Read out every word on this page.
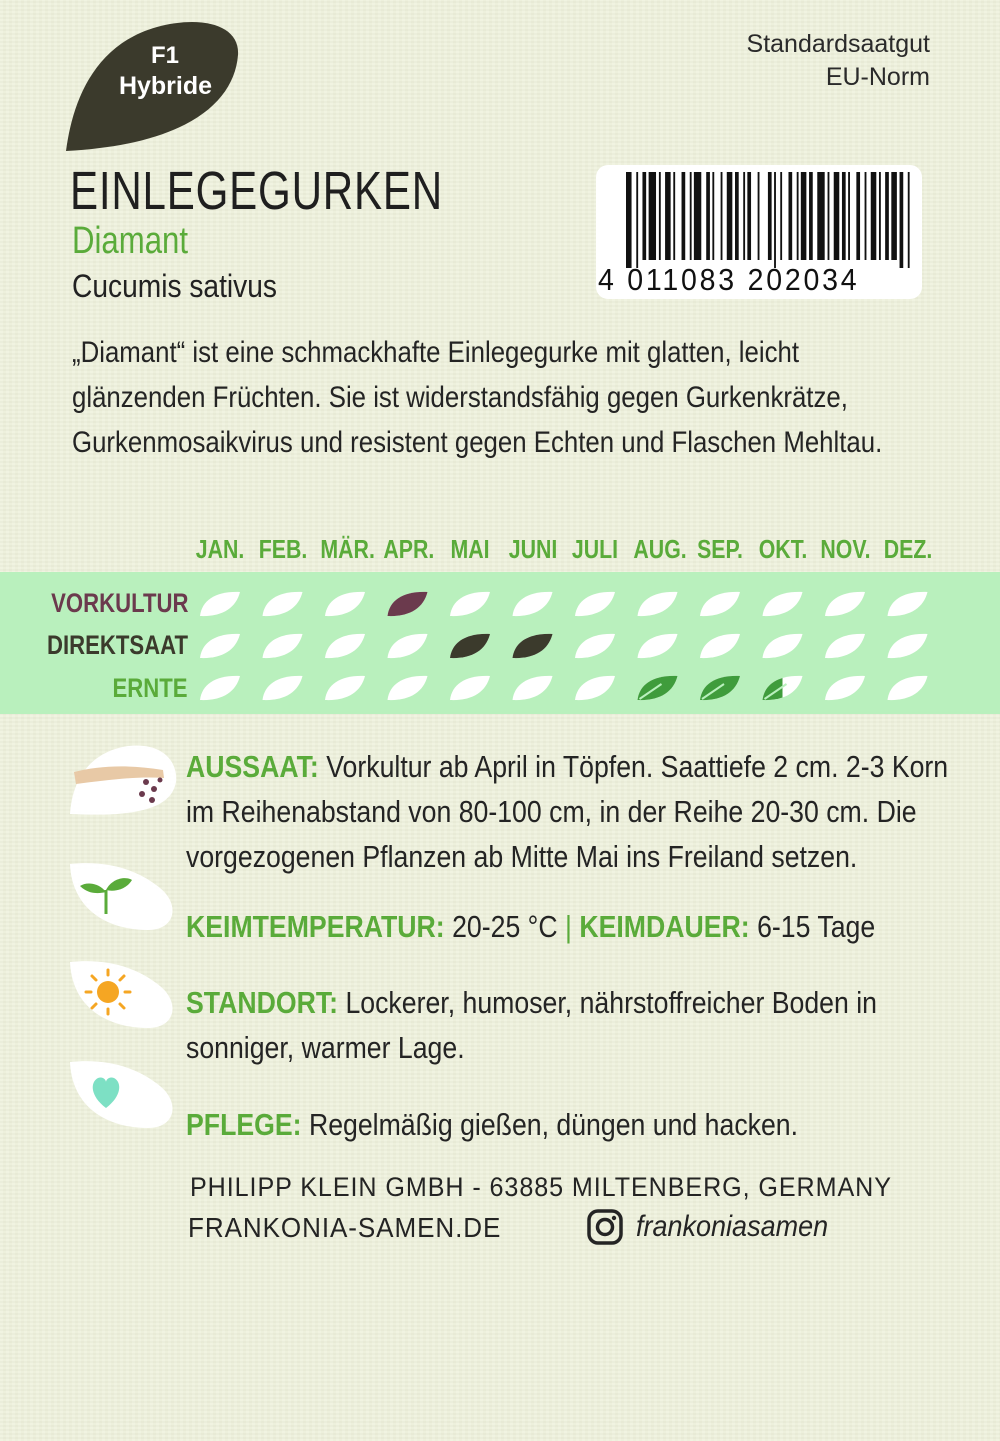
F1
Hybride
Standardsaatgut
EU-Norm
EINLEGEGURKEN
Diamant
Cucumis sativus	4 011083 202034
„Diamant“ ist eine schmackhafte Einlegegurke mit glatten, leicht
glänzenden Früchten. Sie ist widerstandsfähig gegen Gurkenkrätze,
Gurkenmosaikvirus und resistent gegen Echten und Flaschen Mehltau.
JAN. FEB. MÄR. APR. MAI JUNI JULI AUG. SEP. OKT. NOV. DEZ.
VORKULTUR
DIREKTSAAT
ERNTE
AUSSAAT: Vorkultur ab April in Töpfen. Saattiefe 2 cm. 2-3 Korn
im Reihenabstand von 80-100 cm, in der Reihe 20-30 cm. Die
vorgezogenen Pflanzen ab Mitte Mai ins Freiland setzen.
KEIMTEMPERATUR: 20-25 °C | KEIMDAUER: 6-15 Tage
STANDORT: Lockerer, humoser, nährstoffreicher Boden in
sonniger, warmer Lage.
PFLEGE: Regelmäßig gießen, düngen und hacken.
PHILIPP KLEIN GMBH - 63885 MILTENBERG, GERMANY
FRANKONIA-SAMEN.DE	frankoniasamen
